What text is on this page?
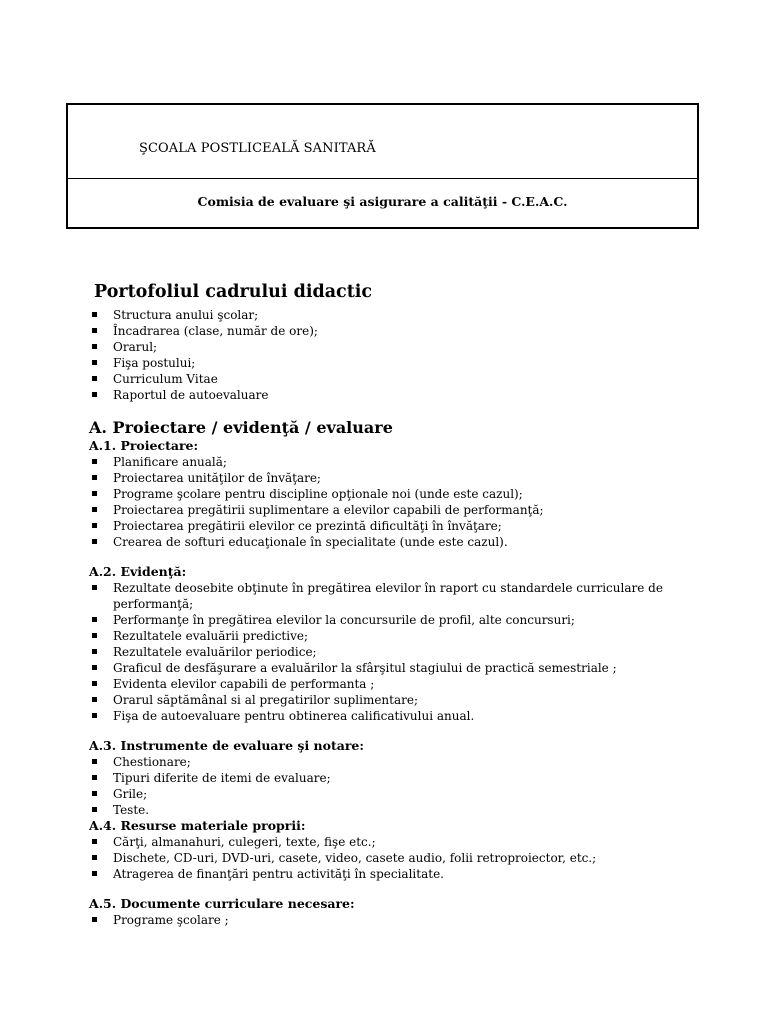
ŞCOALA POSTLICEALĂ SANITARĂ
Comisia de evaluare şi asigurare a calităţii - C.E.A.C.
Portofoliul cadrului didactic
Structura anului şcolar;
Încadrarea (clase, număr de ore);
Orarul;
Fişa postului;
Curriculum Vitae
Raportul de autoevaluare
A. Proiectare / evidenţă / evaluare
A.1. Proiectare:
Planificare anuală;
Proiectarea unităţilor de învăţare;
Programe şcolare pentru discipline opţionale noi (unde este cazul);
Proiectarea pregătirii suplimentare a elevilor capabili de performanţă;
Proiectarea pregătirii elevilor ce prezintă dificultăţi în învăţare;
Crearea de softuri educaţionale în specialitate (unde este cazul).
A.2. Evidenţă:
Rezultate deosebite obţinute în pregătirea elevilor în raport cu standardele curriculare de performanţă;
Performanţe în pregătirea elevilor la concursurile de profil, alte concursuri;
Rezultatele evaluării predictive;
Rezultatele evaluărilor periodice;
Graficul de desfăşurare a evaluărilor la sfârşitul stagiului de practică semestriale ;
Evidenta elevilor capabili de performanta ;
Orarul săptămânal si al pregatirilor suplimentare;
Fişa de autoevaluare pentru obtinerea calificativului anual.
A.3. Instrumente de evaluare şi notare:
Chestionare;
Tipuri diferite de itemi de evaluare;
Grile;
Teste.
A.4. Resurse materiale proprii:
Cărţi, almanahuri, culegeri, texte, fişe etc.;
Dischete, CD-uri, DVD-uri, casete, video, casete audio, folii retroproiector, etc.;
Atragerea de finanţări pentru activităţi în specialitate.
A.5. Documente curriculare necesare:
Programe şcolare ;
